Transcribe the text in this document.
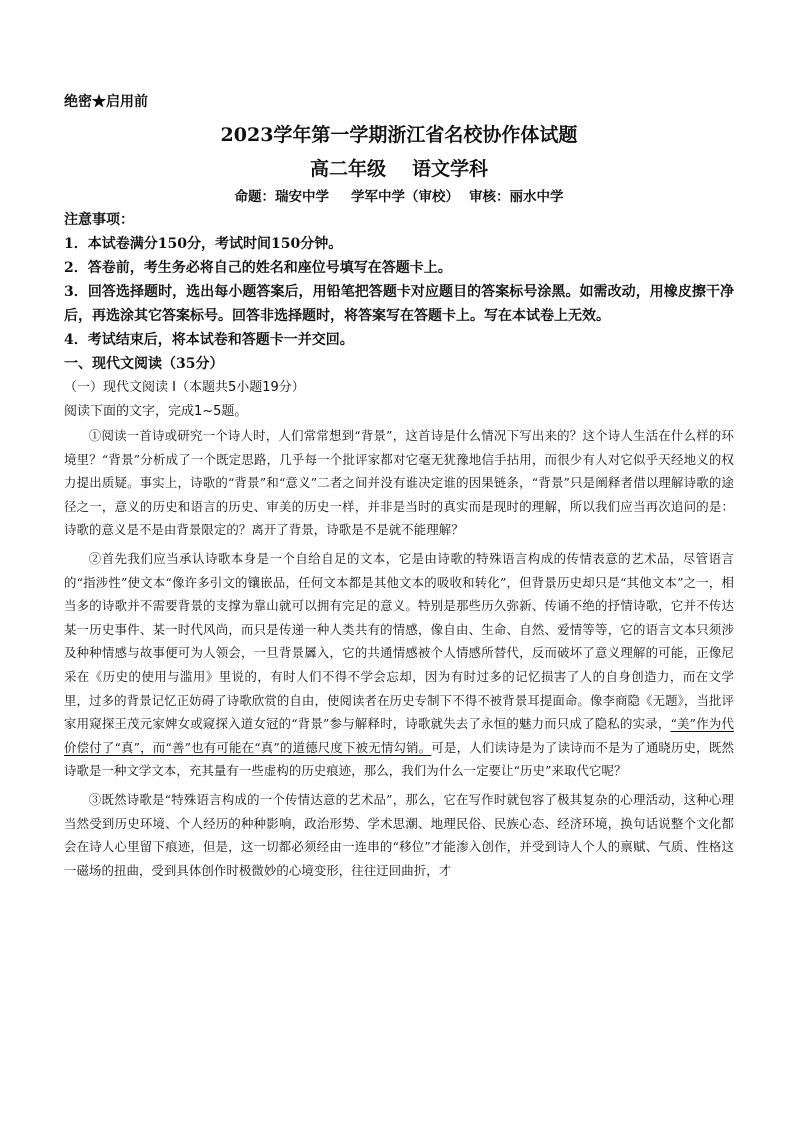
绝密★启用前

2023学年第一学期浙江省名校协作体试题
高二年级 语文学科

命题：瑞安中学 学军中学（审校） 审核：丽水中学

注意事项：

1．本试卷满分150分，考试时间150分钟。

2．答卷前，考生务必将自己的姓名和座位号填写在答题卡上。

3．回答选择题时，选出每小题答案后，用铅笔把答题卡对应题目的答案标号涂黑。如需改动，用橡皮擦干净后，再选涂其它答案标号。回答非选择题时，将答案写在答题卡上。写在本试卷上无效。

4．考试结束后，将本试卷和答题卡一并交回。

一、现代文阅读（35分）

（一）现代文阅读 I（本题共5小题19分）

阅读下面的文字，完成1~5题。

①阅读一首诗或研究一个诗人时，人们常常想到“背景”，这首诗是什么情况下写出来的？这个诗人生活在什么样的环境里？“背景”分析成了一个既定思路，几乎每一个批评家都对它毫无犹豫地信手拈用，而很少有人对它似乎天经地义的权力提出质疑。事实上，诗歌的“背景”和“意义”二者之间并没有谁决定谁的因果链条，“背景”只是阐释者借以理解诗歌的途径之一，意义的历史和语言的历史、审美的历史一样，并非是当时的真实而是现时的理解，所以我们应当再次追问的是：诗歌的意义是不是由背景限定的？离开了背景，诗歌是不是就不能理解？

②首先我们应当承认诗歌本身是一个自给自足的文本，它是由诗歌的特殊语言构成的传情表意的艺术品，尽管语言的“指涉性”使文本“像许多引文的镶嵌品，任何文本都是其他文本的吸收和转化”，但背景历史却只是“其他文本”之一，相当多的诗歌并不需要背景的支撑为靠山就可以拥有完足的意义。特别是那些历久弥新、传诵不绝的抒情诗歌，它并不传达某一历史事件、某一时代风尚，而只是传递一种人类共有的情感，像自由、生命、自然、爱情等等，它的语言文本只须涉及种种情感与故事便可为人领会，一旦背景羼入，它的共通情感被个人情感所替代，反而破坏了意义理解的可能，正像尼采在《历史的使用与滥用》里说的，有时人们不得不学会忘却，因为有时过多的记忆损害了人的自身创造力，而在文学里，过多的背景记忆正妨碍了诗歌欣赏的自由，使阅读者在历史专制下不得不被背景耳提面命。像李商隐《无题》，当批评家用窥探王茂元家婢女或窥探入道女冠的“背景”参与解释时，诗歌就失去了永恒的魅力而只成了隐私的实录，“美”作为代价偿付了“真”，而“善”也有可能在“真”的道德尺度下被无情勾销。可是，人们读诗是为了读诗而不是为了通晓历史，既然诗歌是一种文学文本，充其量有一些虚构的历史痕迹，那么，我们为什么一定要让“历史”来取代它呢？

③既然诗歌是“特殊语言构成的一个传情达意的艺术品”，那么，它在写作时就包容了极其复杂的心理活动，这种心理当然受到历史环境、个人经历的种种影响，政治形势、学术思潮、地理民俗、民族心态、经济环境，换句话说整个文化都会在诗人心里留下痕迹，但是，这一切都必须经由一连串的“移位”才能渗入创作，并受到诗人个人的禀赋、气质、性格这一磁场的扭曲，受到具体创作时极微妙的心境变形，往往迂回曲折，才
